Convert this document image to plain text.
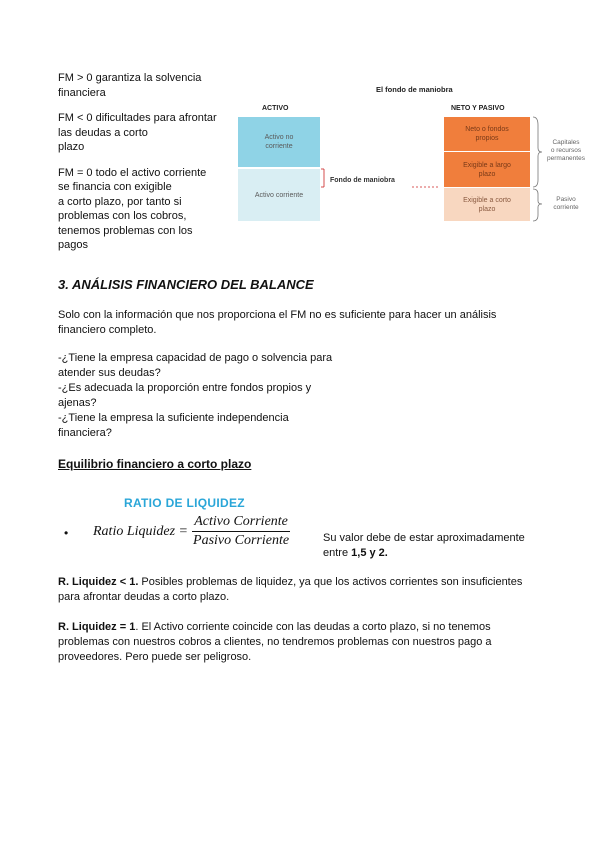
FM > 0 garantiza la solvencia

financiera

FM < 0 dificultades para afrontar

las deudas a corto

plazo

FM = 0 todo el activo corriente

se financia con exigible

a corto plazo, por tanto si

problemas con los cobros,

tenemos problemas con los

pagos

El fondo de maniobra
ACTIVO	NETO Y PASIVO
Activo no
corriente
Activo corriente
Fondo de maniobra
Neto o fondos
propios
Exigible a largo
plazo
Exigible a corto
plazo
Capitales
o recursos
permanentes
Pasivo
corriente
3. ANÁLISIS FINANCIERO DEL BALANCE
Solo con la información que nos proporciona el FM no es suficiente para hacer un análisis
financiero completo.
-¿Tiene la empresa capacidad de pago o solvencia para
atender sus deudas?
-¿Es adecuada la proporción entre fondos propios y
ajenas?
-¿Tiene la empresa la suficiente independencia
financiera?
Equilibrio financiero a corto plazo
RATIO DE LIQUIDEZ
• Ratio Liquidez = $\frac{\text{Activo Corriente}}{\text{Pasivo Corriente}}$	Su valor debe de estar aproximadamente
entre 1,5 y 2.
R. Liquidez < 1. Posibles problemas de liquidez, ya que los activos corrientes son insuficientes
para afrontar deudas a corto plazo.
R. Liquidez = 1. El Activo corriente coincide con las deudas a corto plazo, si no tenemos
problemas con nuestros cobros a clientes, no tendremos problemas con nuestros pago a
proveedores. Pero puede ser peligroso.
